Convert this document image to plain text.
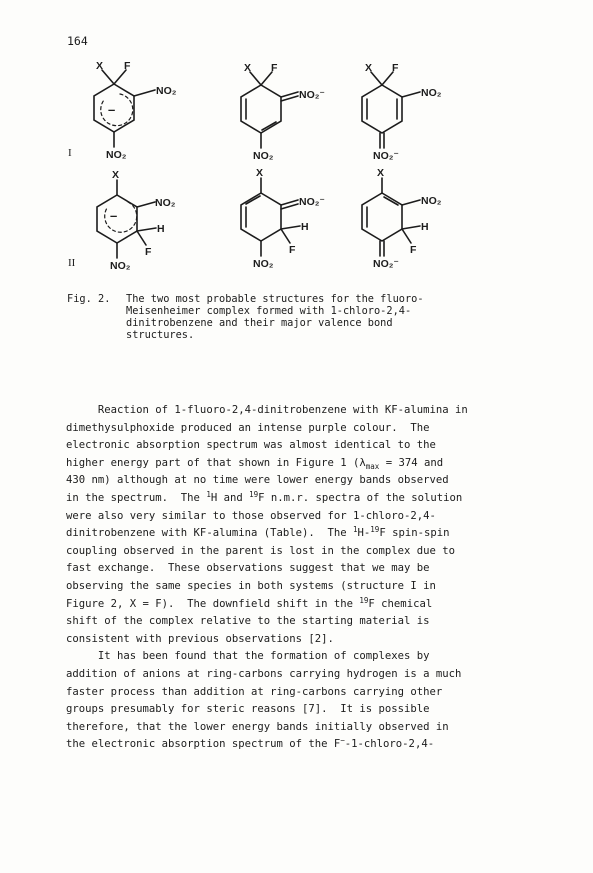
164
X F
NO₂
–
NO₂
X F
NO₂⁻
NO₂
X F
NO₂
NO₂⁻
X
NO₂
–
H
F
NO₂
X
NO₂⁻
H
F
NO₂
X
NO₂
H
F
NO₂⁻
I
II
Fig. 2. The two most probable structures for the fluoro-
Meisenheimer complex formed with 1-chloro-2,4-
dinitrobenzene and their major valence bond
structures.
Reaction of 1-fluoro-2,4-dinitrobenzene with KF-alumina in
dimethysulphoxide produced an intense purple colour.  The
electronic absorption spectrum was almost identical to the
higher energy part of that shown in Figure 1 ($\lambda_{max} = 374$ and
430 nm) although at no time were lower energy bands observed
in the spectrum.  The $^1$H and $^{19}$F n.m.r. spectra of the solution
were also very similar to those observed for 1-chloro-2,4-
dinitrobenzene with KF-alumina (Table).  The $^1$H-$^{19}$F spin-spin
coupling observed in the parent is lost in the complex due to
fast exchange.  These observations suggest that we may be
observing the same species in both systems (structure I in
Figure 2, X = F).  The downfield shift in the $^{19}$F chemical
shift of the complex relative to the starting material is
consistent with previous observations [2].
It has been found that the formation of complexes by
addition of anions at ring-carbons carrying hydrogen is a much
faster process than addition at ring-carbons carrying other
groups presumably for steric reasons [7].  It is possible
therefore, that the lower energy bands initially observed in
the electronic absorption spectrum of the F−-1-chloro-2,4-
